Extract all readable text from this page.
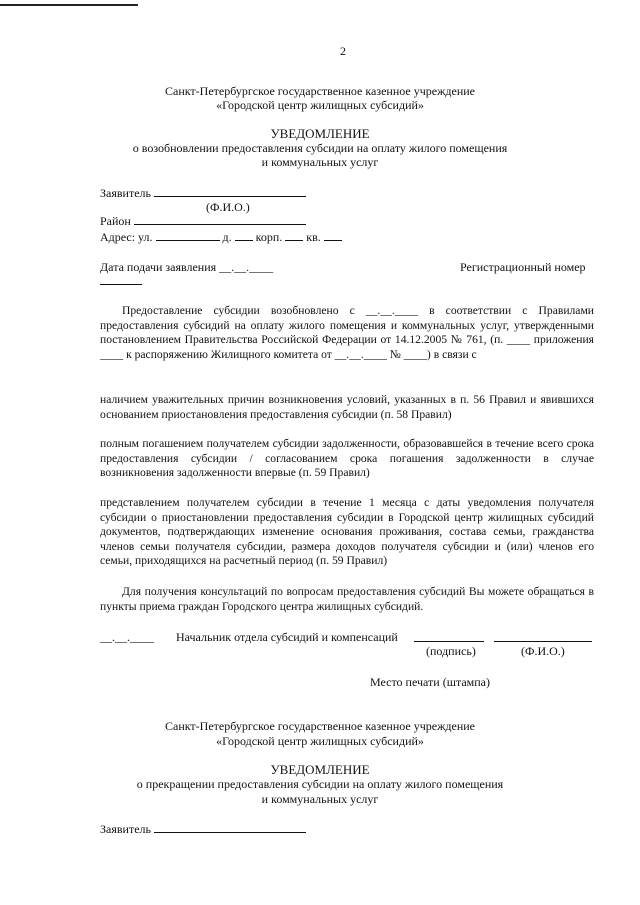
2
Санкт-Петербургское государственное казенное учреждение
«Городской центр жилищных субсидий»
УВЕДОМЛЕНИЕ
о возобновлении предоставления субсидии на оплату жилого помещения
и коммунальных услуг
Заявитель
(Ф.И.О.)
Район
Адрес: ул.	д. корп. кв.
Дата подачи заявления __.__.____	Регистрационный номер
Предоставление субсидии возобновлено с __.__.____ в соответствии с Правилами предоставления субсидий на оплату жилого помещения и коммунальных услуг, утвержденными постановлением Правительства Российской Федерации от 14.12.2005 № 761, (п. ____ приложения ____ к распоряжению Жилищного комитета от __.__.____ № ____) в связи с
наличием уважительных причин возникновения условий, указанных в п. 56 Правил и явившихся основанием приостановления предоставления субсидии (п. 58 Правил)
полным погашением получателем субсидии задолженности, образовавшейся в течение всего срока предоставления субсидии / согласованием срока погашения задолженности в случае возникновения задолженности впервые (п. 59 Правил)
представлением получателем субсидии в течение 1 месяца с даты уведомления получателя субсидии о приостановлении предоставления субсидии в Городской центр жилищных субсидий документов, подтверждающих изменение основания проживания, состава семьи, гражданства членов семьи получателя субсидии, размера доходов получателя субсидии и (или) членов его семьи, приходящихся на расчетный период (п. 59 Правил)
Для получения консультаций по вопросам предоставления субсидий Вы можете обращаться в пункты приема граждан Городского центра жилищных субсидий.
__.__.____ Начальник отдела субсидий и компенсаций
(подпись)	(Ф.И.О.)
Место печати (штампа)
Санкт-Петербургское государственное казенное учреждение
«Городской центр жилищных субсидий»
УВЕДОМЛЕНИЕ
о прекращении предоставления субсидии на оплату жилого помещения
и коммунальных услуг
Заявитель
